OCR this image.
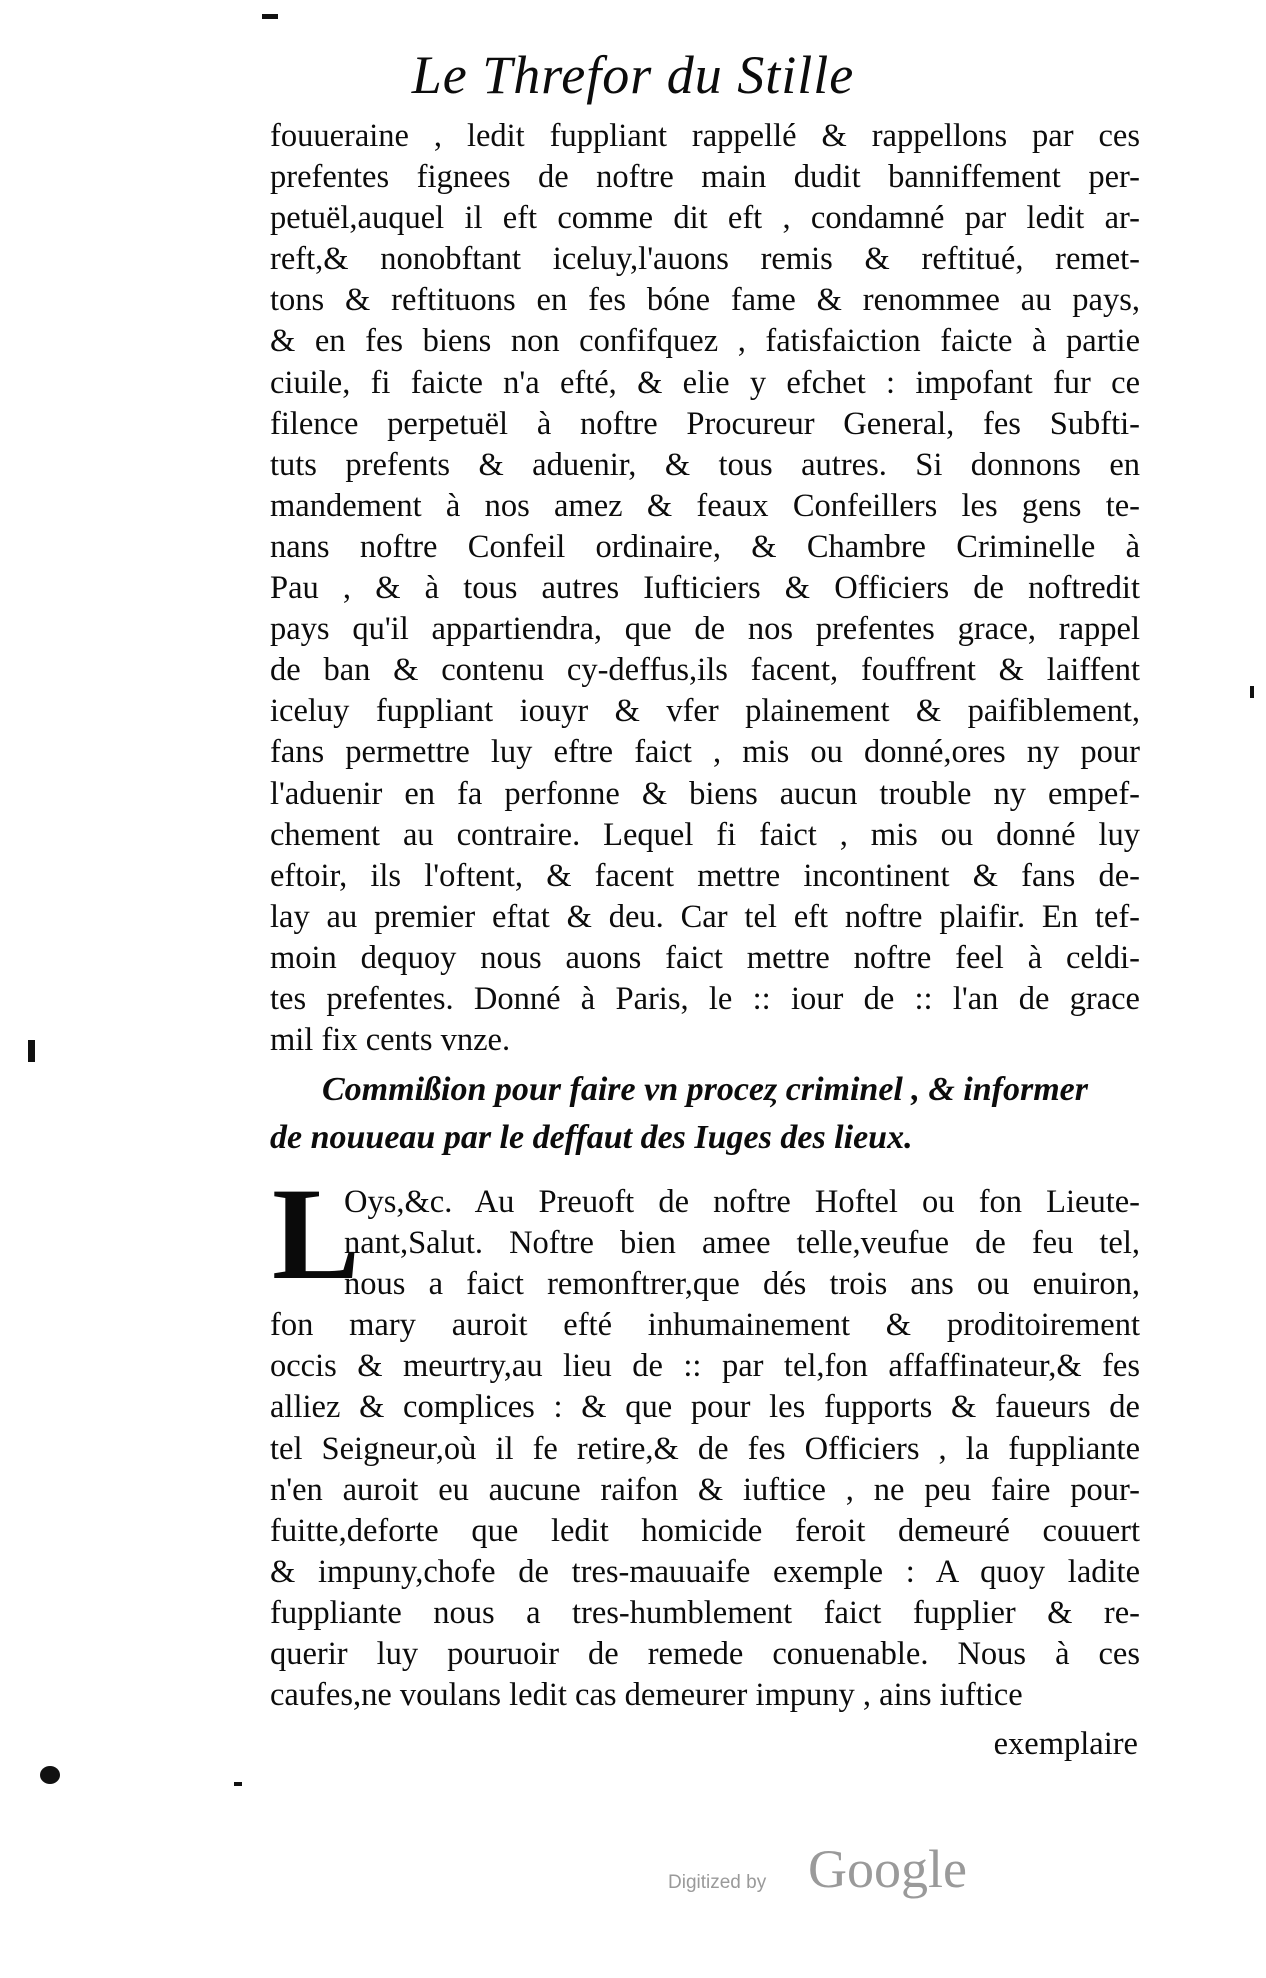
Le Threfor du Stille

fouueraine , ledit fuppliant rappellé & rappellons par ces
prefentes fignees de noftre main dudit banniffement per-
petuël,auquel il eft comme dit eft , condamné par ledit ar-
reft,& nonobftant iceluy,l'auons remis & reftitué, remet-
tons & reftituons en fes bóne fame & renommee au pays,
& en fes biens non confifquez , fatisfaiction faicte à partie
ciuile, fi faicte n'a efté, & elie y efchet : impofant fur ce
filence perpetuël à noftre Procureur General, fes Subfti-
tuts prefents & aduenir, & tous autres. Si donnons en
mandement à nos amez & feaux Confeillers les gens te-
nans noftre Confeil ordinaire, & Chambre Criminelle à
Pau , & à tous autres Iufticiers & Officiers de noftredit
pays qu'il appartiendra, que de nos prefentes grace, rappel
de ban & contenu cy-deffus,ils facent, fouffrent & laiffent
iceluy fuppliant iouyr & vfer plainement & paifiblement,
fans permettre luy eftre faict , mis ou donné,ores ny pour
l'aduenir en fa perfonne & biens aucun trouble ny empef-
chement au contraire. Lequel fi faict , mis ou donné luy
eftoir, ils l'oftent, & facent mettre incontinent & fans de-
lay au premier eftat & deu. Car tel eft noftre plaifir. En tef-
moin dequoy nous auons faict mettre noftre feel à celdi-
tes prefentes. Donné à Paris, le :: iour de :: l'an de grace
mil fix cents vnze.
Commißion pour faire vn proceȥ criminel , & informer
de nouueau par le deffaut des Iuges des lieux.
L
Oys,&c. Au Preuoft de noftre Hoftel ou fon Lieute-
nant,Salut. Noftre bien amee telle,veufue de feu tel,
nous a faict remonftrer,que dés trois ans ou enuiron,
fon mary auroit efté inhumainement & proditoirement
occis & meurtry,au lieu de :: par tel,fon affaffinateur,& fes
alliez & complices : & que pour les fupports & faueurs de
tel Seigneur,où il fe retire,& de fes Officiers , la fuppliante
n'en auroit eu aucune raifon & iuftice , ne peu faire pour-
fuitte,deforte que ledit homicide feroit demeuré couuert
& impuny,chofe de tres-mauuaife exemple : A quoy ladite
fuppliante nous a tres-humblement faict fupplier & re-
querir luy pouruoir de remede conuenable. Nous à ces
caufes,ne voulans ledit cas demeurer impuny , ains iuftice

exemplaire

Digitized by Google
